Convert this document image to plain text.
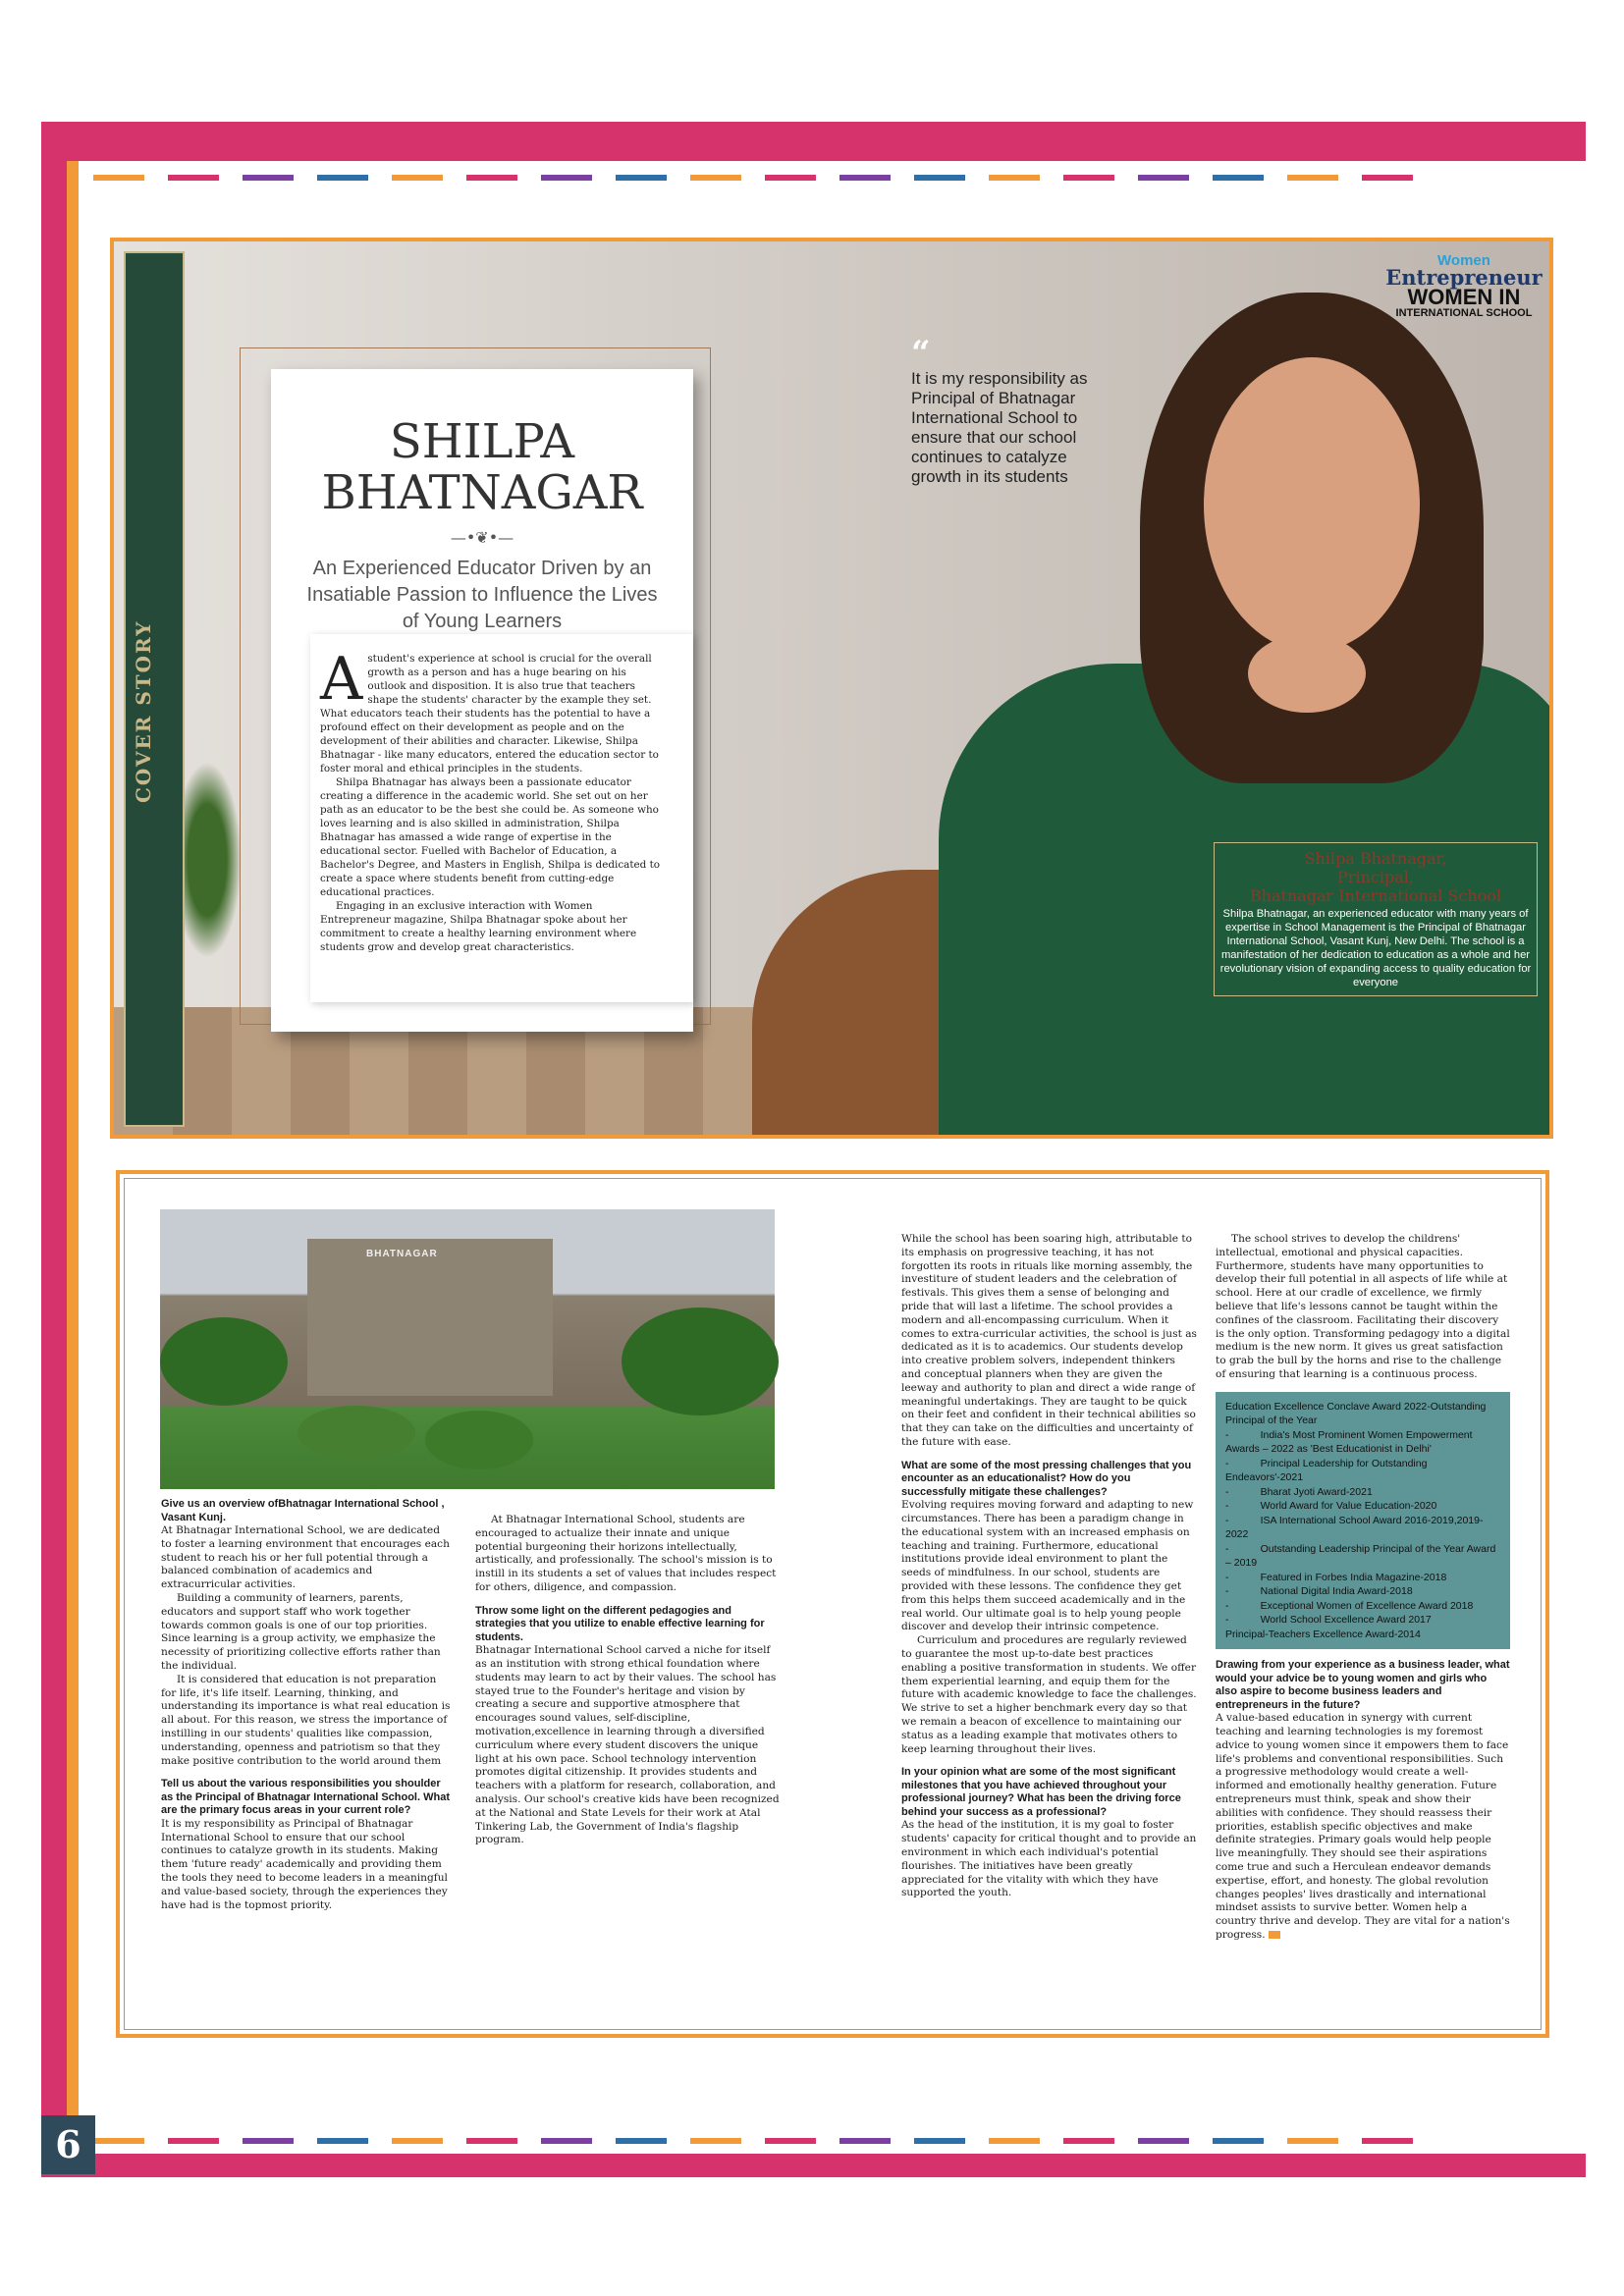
6
COVER STORY
SHILPA
BHATNAGAR
—•❦•—
An Experienced Educator Driven by an Insatiable Passion to Influence the Lives of Young Learners
A student's experience at school is crucial for the overall growth as a person and has a huge bearing on his outlook and disposition. It is also true that teachers shape the students' character by the example they set. What educators teach their students has the potential to have a profound effect on their development as people and on the development of their abilities and character. Likewise, Shilpa Bhatnagar - like many educators, entered the education sector to foster moral and ethical principles in the students.

Shilpa Bhatnagar has always been a passionate educator creating a difference in the academic world. She set out on her path as an educator to be the best she could be. As someone who loves learning and is also skilled in administration, Shilpa Bhatnagar has amassed a wide range of expertise in the educational sector. Fuelled with Bachelor of Education, a Bachelor's Degree, and Masters in English, Shilpa is dedicated to create a space where students benefit from cutting-edge educational practices.

Engaging in an exclusive interaction with Women Entrepreneur magazine, Shilpa Bhatnagar spoke about her commitment to create a healthy learning environment where students grow and develop great characteristics.

“
It is my responsibility as Principal of Bhatnagar International School to ensure that our school continues to catalyze growth in its students
Women
Entrepreneur
WOMEN IN
INTERNATIONAL SCHOOL
Shilpa Bhatnagar,
Principal,
Bhatnagar International School
Shilpa Bhatnagar, an experienced educator with many years of expertise in School Management is the Principal of Bhatnagar International School, Vasant Kunj, New Delhi. The school is a manifestation of her dedication to education as a whole and her revolutionary vision of expanding access to quality education for everyone
BHATNAGAR

Give us an overview ofBhatnagar International School , Vasant Kunj.

At Bhatnagar International School, we are dedicated to foster a learning environment that encourages each student to reach his or her full potential through a balanced combination of academics and extracurricular activities.

Building a community of learners, parents, educators and support staff who work together towards common goals is one of our top priorities. Since learning is a group activity, we emphasize the necessity of prioritizing collective efforts rather than the individual.

It is considered that education is not preparation for life, it's life itself. Learning, thinking, and understanding its importance is what real education is all about. For this reason, we stress the importance of instilling in our students' qualities like compassion, understanding, openness and patriotism so that they make positive contribution to the world around them

Tell us about the various responsibilities you shoulder as the Principal of Bhatnagar International School. What are the primary focus areas in your current role?

It is my responsibility as Principal of Bhatnagar International School to ensure that our school continues to catalyze growth in its students. Making them 'future ready' academically and providing them the tools they need to become leaders in a meaningful and value-based society, through the experiences they have had is the topmost priority.

At Bhatnagar International School, students are encouraged to actualize their innate and unique potential burgeoning their horizons intellectually, artistically, and professionally. The school's mission is to instill in its students a set of values that includes respect for others, diligence, and compassion.

Throw some light on the different pedagogies and strategies that you utilize to enable effective learning for students.

Bhatnagar International School carved a niche for itself as an institution with strong ethical foundation where students may learn to act by their values. The school has stayed true to the Founder's heritage and vision by creating a secure and supportive atmosphere that encourages sound values, self-discipline, motivation,excellence in learning through a diversified curriculum where every student discovers the unique light at his own pace. School technology intervention promotes digital citizenship. It provides students and teachers with a platform for research, collaboration, and analysis. Our school's creative kids have been recognized at the National and State Levels for their work at Atal Tinkering Lab, the Government of India's flagship program.

While the school has been soaring high, attributable to its emphasis on progressive teaching, it has not forgotten its roots in rituals like morning assembly, the investiture of student leaders and the celebration of festivals. This gives them a sense of belonging and pride that will last a lifetime. The school provides a modern and all-encompassing curriculum. When it comes to extra-curricular activities, the school is just as dedicated as it is to academics. Our students develop into creative problem solvers, independent thinkers and conceptual planners when they are given the leeway and authority to plan and direct a wide range of meaningful undertakings. They are taught to be quick on their feet and confident in their technical abilities so that they can take on the difficulties and uncertainty of the future with ease.

What are some of the most pressing challenges that you encounter as an educationalist? How do you successfully mitigate these challenges?

Evolving requires moving forward and adapting to new circumstances. There has been a paradigm change in the educational system with an increased emphasis on teaching and training. Furthermore, educational institutions provide ideal environment to plant the seeds of mindfulness. In our school, students are provided with these lessons. The confidence they get from this helps them succeed academically and in the real world. Our ultimate goal is to help young people discover and develop their intrinsic competence.

Curriculum and procedures are regularly reviewed to guarantee the most up-to-date best practices enabling a positive transformation in students. We offer them experiential learning, and equip them for the future with academic knowledge to face the challenges. We strive to set a higher benchmark every day so that we remain a beacon of excellence to maintaining our status as a leading example that motivates others to keep learning throughout their lives.

In your opinion what are some of the most significant milestones that you have achieved throughout your professional journey? What has been the driving force behind your success as a professional?

As the head of the institution, it is my goal to foster students' capacity for critical thought and to provide an environment in which each individual's potential flourishes. The initiatives have been greatly appreciated for the vitality with which they have supported the youth.

The school strives to develop the childrens' intellectual, emotional and physical capacities. Furthermore, students have many opportunities to develop their full potential in all aspects of life while at school. Here at our cradle of excellence, we firmly believe that life's lessons cannot be taught within the confines of the classroom. Facilitating their discovery is the only option. Transforming pedagogy into a digital medium is the new norm. It gives us great satisfaction to grab the bull by the horns and rise to the challenge of ensuring that learning is a continuous process.

Education Excellence Conclave Award 2022-Outstanding Principal of the Year
-           India's Most Prominent Women Empowerment Awards – 2022 as 'Best Educationist in Delhi'
-           Principal Leadership for Outstanding Endeavors'-2021
-           Bharat Jyoti Award-2021
-           World Award for Value Education-2020
-           ISA International School Award 2016-2019,2019-2022
-           Outstanding Leadership Principal of the Year Award – 2019
-           Featured in Forbes India Magazine-2018
-           National Digital India Award-2018
-           Exceptional Women of Excellence Award 2018
-           World School Excellence Award 2017
Principal-Teachers Excellence Award-2014

Drawing from your experience as a business leader, what would your advice be to young women and girls who also aspire to become business leaders and entrepreneurs in the future?

A value-based education in synergy with current teaching and learning technologies is my foremost advice to young women since it empowers them to face life's problems and conventional responsibilities. Such a progressive methodology would create a well-informed and emotionally healthy generation. Future entrepreneurs must think, speak and show their abilities with confidence. They should reassess their priorities, establish specific objectives and make definite strategies. Primary goals would help people live meaningfully. They should see their aspirations come true and such a Herculean endeavor demands expertise, effort, and honesty. The global revolution changes peoples' lives drastically and international mindset assists to survive better. Women help a country thrive and develop. They are vital for a nation's progress.
